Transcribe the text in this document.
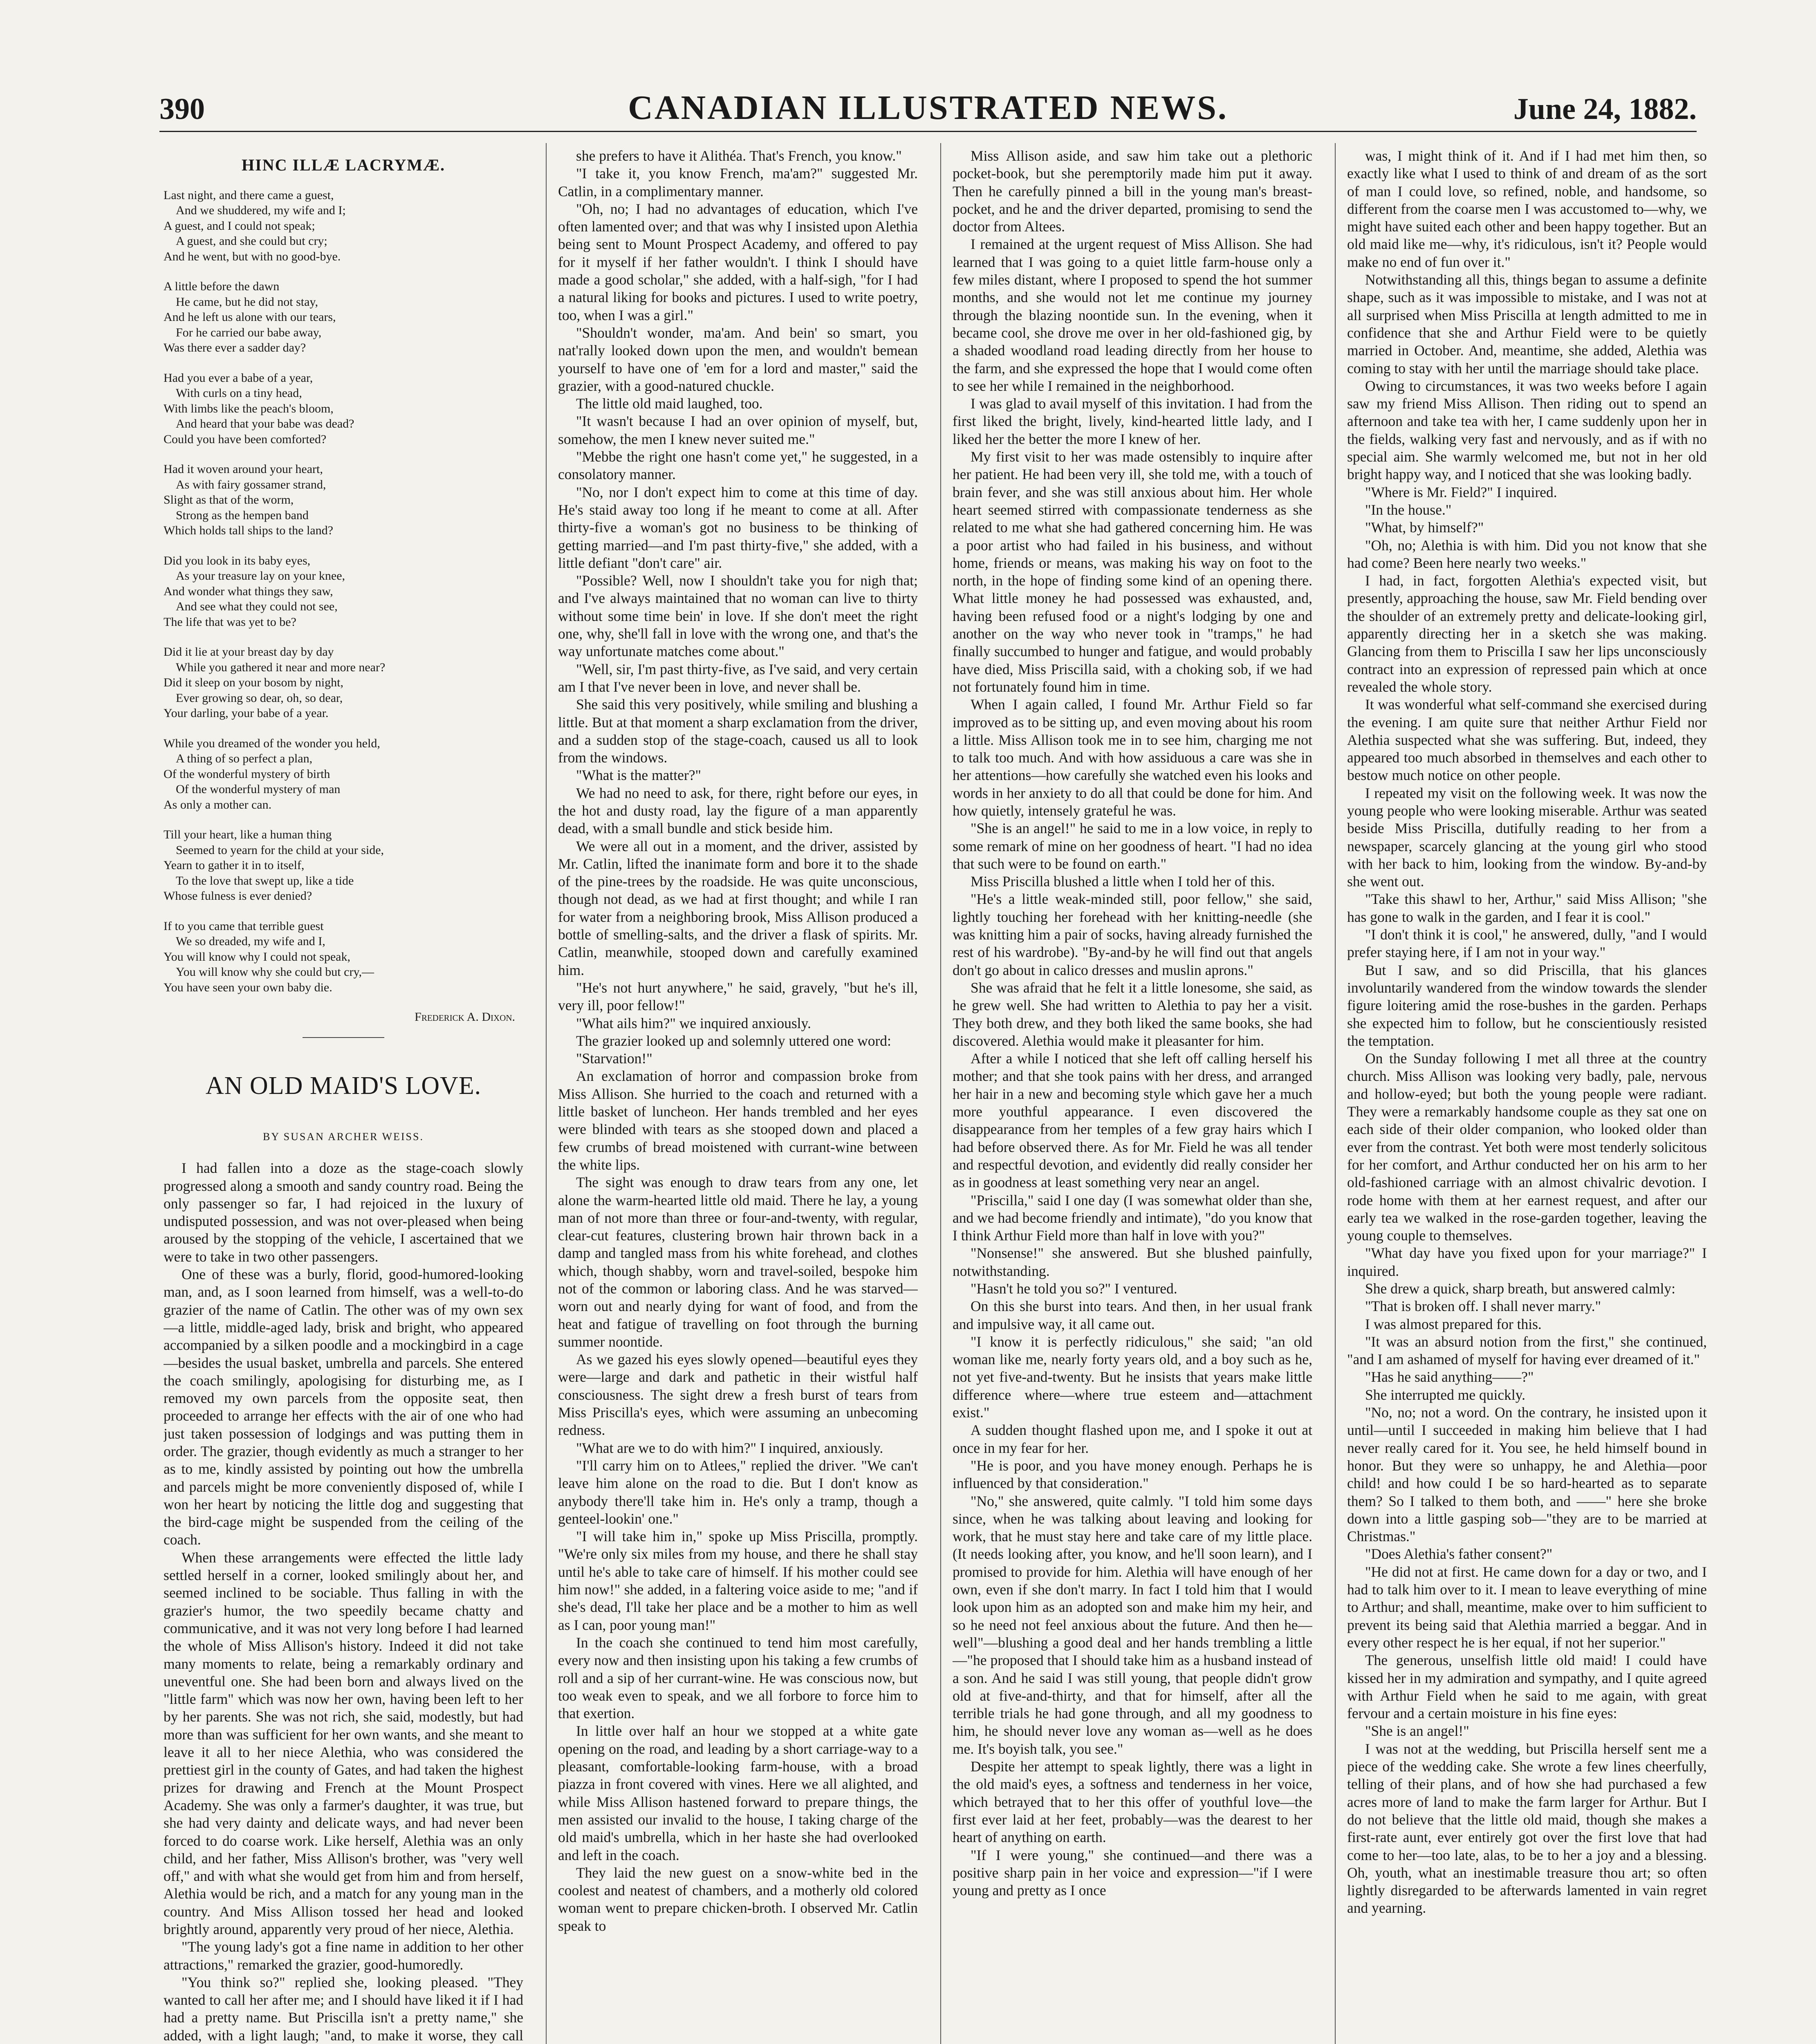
390	CANADIAN ILLUSTRATED NEWS.	June 24, 1882.
HINC ILLÆ LACRYMÆ.
Last night, and there came a guest,
And we shuddered, my wife and I;
A guest, and I could not speak;
A guest, and she could but cry;
And he went, but with no good-bye.
A little before the dawn
He came, but he did not stay,
And he left us alone with our tears,
For he carried our babe away,
Was there ever a sadder day?
Had you ever a babe of a year,
With curls on a tiny head,
With limbs like the peach's bloom,
And heard that your babe was dead?
Could you have been comforted?
Had it woven around your heart,
As with fairy gossamer strand,
Slight as that of the worm,
Strong as the hempen band
Which holds tall ships to the land?
Did you look in its baby eyes,
As your treasure lay on your knee,
And wonder what things they saw,
And see what they could not see,
The life that was yet to be?
Did it lie at your breast day by day
While you gathered it near and more near?
Did it sleep on your bosom by night,
Ever growing so dear, oh, so dear,
Your darling, your babe of a year.
While you dreamed of the wonder you held,
A thing of so perfect a plan,
Of the wonderful mystery of birth
Of the wonderful mystery of man
As only a mother can.
Till your heart, like a human thing
Seemed to yearn for the child at your side,
Yearn to gather it in to itself,
To the love that swept up, like a tide
Whose fulness is ever denied?
If to you came that terrible guest
We so dreaded, my wife and I,
You will know why I could not speak,
You will know why she could but cry,—
You have seen your own baby die.
Frederick A. Dixon.
AN OLD MAID'S LOVE.
BY SUSAN ARCHER WEISS.

I had fallen into a doze as the stage-coach slowly progressed along a smooth and sandy country road. Being the only passenger so far, I had rejoiced in the luxury of undisputed possession, and was not over-pleased when being aroused by the stopping of the vehicle, I ascertained that we were to take in two other passengers.

One of these was a burly, florid, good-humored-looking man, and, as I soon learned from himself, was a well-to-do grazier of the name of Catlin. The other was of my own sex—a little, middle-aged lady, brisk and bright, who appeared accompanied by a silken poodle and a mockingbird in a cage—besides the usual basket, umbrella and parcels. She entered the coach smilingly, apologising for disturbing me, as I removed my own parcels from the opposite seat, then proceeded to arrange her effects with the air of one who had just taken possession of lodgings and was putting them in order. The grazier, though evidently as much a stranger to her as to me, kindly assisted by pointing out how the umbrella and parcels might be more conveniently disposed of, while I won her heart by noticing the little dog and suggesting that the bird-cage might be suspended from the ceiling of the coach.

When these arrangements were effected the little lady settled herself in a corner, looked smilingly about her, and seemed inclined to be sociable. Thus falling in with the grazier's humor, the two speedily became chatty and communicative, and it was not very long before I had learned the whole of Miss Allison's history. Indeed it did not take many moments to relate, being a remarkably ordinary and uneventful one. She had been born and always lived on the "little farm" which was now her own, having been left to her by her parents. She was not rich, she said, modestly, but had more than was sufficient for her own wants, and she meant to leave it all to her niece Alethia, who was considered the prettiest girl in the county of Gates, and had taken the highest prizes for drawing and French at the Mount Prospect Academy. She was only a farmer's daughter, it was true, but she had very dainty and delicate ways, and had never been forced to do coarse work. Like herself, Alethia was an only child, and her father, Miss Allison's brother, was "very well off," and with what she would get from him and from herself, Alethia would be rich, and a match for any young man in the country. And Miss Allison tossed her head and looked brightly around, apparently very proud of her niece, Alethia.

"The young lady's got a fine name in addition to her other attractions," remarked the grazier, good-humoredly.

"You think so?" replied she, looking pleased. "They wanted to call her after me; and I should have liked it if I had had a pretty name. But Priscilla isn't a pretty name," she added, with a light laugh; "and, to make it worse, they call

she prefers to have it Alithéa. That's French, you know."

"I take it, you know French, ma'am?" suggested Mr. Catlin, in a complimentary manner.

"Oh, no; I had no advantages of education, which I've often lamented over; and that was why I insisted upon Alethia being sent to Mount Prospect Academy, and offered to pay for it myself if her father wouldn't. I think I should have made a good scholar," she added, with a half-sigh, "for I had a natural liking for books and pictures. I used to write poetry, too, when I was a girl."

"Shouldn't wonder, ma'am. And bein' so smart, you nat'rally looked down upon the men, and wouldn't bemean yourself to have one of 'em for a lord and master," said the grazier, with a good-natured chuckle.

The little old maid laughed, too.

"It wasn't because I had an over opinion of myself, but, somehow, the men I knew never suited me."

"Mebbe the right one hasn't come yet," he suggested, in a consolatory manner.

"No, nor I don't expect him to come at this time of day. He's staid away too long if he meant to come at all. After thirty-five a woman's got no business to be thinking of getting married—and I'm past thirty-five," she added, with a little defiant "don't care" air.

"Possible? Well, now I shouldn't take you for nigh that; and I've always maintained that no woman can live to thirty without some time bein' in love. If she don't meet the right one, why, she'll fall in love with the wrong one, and that's the way unfortunate matches come about."

"Well, sir, I'm past thirty-five, as I've said, and very certain am I that I've never been in love, and never shall be.

She said this very positively, while smiling and blushing a little. But at that moment a sharp exclamation from the driver, and a sudden stop of the stage-coach, caused us all to look from the windows.

"What is the matter?"

We had no need to ask, for there, right before our eyes, in the hot and dusty road, lay the figure of a man apparently dead, with a small bundle and stick beside him.

We were all out in a moment, and the driver, assisted by Mr. Catlin, lifted the inanimate form and bore it to the shade of the pine-trees by the roadside. He was quite unconscious, though not dead, as we had at first thought; and while I ran for water from a neighboring brook, Miss Allison produced a bottle of smelling-salts, and the driver a flask of spirits. Mr. Catlin, meanwhile, stooped down and carefully examined him.

"He's not hurt anywhere," he said, gravely, "but he's ill, very ill, poor fellow!"

"What ails him?" we inquired anxiously.

The grazier looked up and solemnly uttered one word:

"Starvation!"

An exclamation of horror and compassion broke from Miss Allison. She hurried to the coach and returned with a little basket of luncheon. Her hands trembled and her eyes were blinded with tears as she stooped down and placed a few crumbs of bread moistened with currant-wine between the white lips.

The sight was enough to draw tears from any one, let alone the warm-hearted little old maid. There he lay, a young man of not more than three or four-and-twenty, with regular, clear-cut features, clustering brown hair thrown back in a damp and tangled mass from his white forehead, and clothes which, though shabby, worn and travel-soiled, bespoke him not of the common or laboring class. And he was starved—worn out and nearly dying for want of food, and from the heat and fatigue of travelling on foot through the burning summer noontide.

As we gazed his eyes slowly opened—beautiful eyes they were—large and dark and pathetic in their wistful half consciousness. The sight drew a fresh burst of tears from Miss Priscilla's eyes, which were assuming an unbecoming redness.

"What are we to do with him?" I inquired, anxiously.

"I'll carry him on to Atlees," replied the driver. "We can't leave him alone on the road to die. But I don't know as anybody there'll take him in. He's only a tramp, though a genteel-lookin' one."

"I will take him in," spoke up Miss Priscilla, promptly. "We're only six miles from my house, and there he shall stay until he's able to take care of himself. If his mother could see him now!" she added, in a faltering voice aside to me; "and if she's dead, I'll take her place and be a mother to him as well as I can, poor young man!"

In the coach she continued to tend him most carefully, every now and then insisting upon his taking a few crumbs of roll and a sip of her currant-wine. He was conscious now, but too weak even to speak, and we all forbore to force him to that exertion.

In little over half an hour we stopped at a white gate opening on the road, and leading by a short carriage-way to a pleasant, comfortable-looking farm-house, with a broad piazza in front covered with vines. Here we all alighted, and while Miss Allison hastened forward to prepare things, the men assisted our invalid to the house, I taking charge of the old maid's umbrella, which in her haste she had overlooked and left in the coach.

They laid the new guest on a snow-white bed in the coolest and neatest of chambers, and a motherly old colored woman went to prepare chicken-broth. I observed Mr. Catlin speak to

Miss Allison aside, and saw him take out a plethoric pocket-book, but she peremptorily made him put it away. Then he carefully pinned a bill in the young man's breast-pocket, and he and the driver departed, promising to send the doctor from Altees.

I remained at the urgent request of Miss Allison. She had learned that I was going to a quiet little farm-house only a few miles distant, where I proposed to spend the hot summer months, and she would not let me continue my journey through the blazing noontide sun. In the evening, when it became cool, she drove me over in her old-fashioned gig, by a shaded woodland road leading directly from her house to the farm, and she expressed the hope that I would come often to see her while I remained in the neighborhood.

I was glad to avail myself of this invitation. I had from the first liked the bright, lively, kind-hearted little lady, and I liked her the better the more I knew of her.

My first visit to her was made ostensibly to inquire after her patient. He had been very ill, she told me, with a touch of brain fever, and she was still anxious about him. Her whole heart seemed stirred with compassionate tenderness as she related to me what she had gathered concerning him. He was a poor artist who had failed in his business, and without home, friends or means, was making his way on foot to the north, in the hope of finding some kind of an opening there. What little money he had possessed was exhausted, and, having been refused food or a night's lodging by one and another on the way who never took in "tramps," he had finally succumbed to hunger and fatigue, and would probably have died, Miss Priscilla said, with a choking sob, if we had not fortunately found him in time.

When I again called, I found Mr. Arthur Field so far improved as to be sitting up, and even moving about his room a little. Miss Allison took me in to see him, charging me not to talk too much. And with how assiduous a care was she in her attentions—how carefully she watched even his looks and words in her anxiety to do all that could be done for him. And how quietly, intensely grateful he was.

"She is an angel!" he said to me in a low voice, in reply to some remark of mine on her goodness of heart. "I had no idea that such were to be found on earth."

Miss Priscilla blushed a little when I told her of this.

"He's a little weak-minded still, poor fellow," she said, lightly touching her forehead with her knitting-needle (she was knitting him a pair of socks, having already furnished the rest of his wardrobe). "By-and-by he will find out that angels don't go about in calico dresses and muslin aprons."

She was afraid that he felt it a little lonesome, she said, as he grew well. She had written to Alethia to pay her a visit. They both drew, and they both liked the same books, she had discovered. Alethia would make it pleasanter for him.

After a while I noticed that she left off calling herself his mother; and that she took pains with her dress, and arranged her hair in a new and becoming style which gave her a much more youthful appearance. I even discovered the disappearance from her temples of a few gray hairs which I had before observed there. As for Mr. Field he was all tender and respectful devotion, and evidently did really consider her as in goodness at least something very near an angel.

"Priscilla," said I one day (I was somewhat older than she, and we had become friendly and intimate), "do you know that I think Arthur Field more than half in love with you?"

"Nonsense!" she answered. But she blushed painfully, notwithstanding.

"Hasn't he told you so?" I ventured.

On this she burst into tears. And then, in her usual frank and impulsive way, it all came out.

"I know it is perfectly ridiculous," she said; "an old woman like me, nearly forty years old, and a boy such as he, not yet five-and-twenty. But he insists that years make little difference where—where true esteem and—attachment exist."

A sudden thought flashed upon me, and I spoke it out at once in my fear for her.

"He is poor, and you have money enough. Perhaps he is influenced by that consideration."

"No," she answered, quite calmly. "I told him some days since, when he was talking about leaving and looking for work, that he must stay here and take care of my little place. (It needs looking after, you know, and he'll soon learn), and I promised to provide for him. Alethia will have enough of her own, even if she don't marry. In fact I told him that I would look upon him as an adopted son and make him my heir, and so he need not feel anxious about the future. And then he—well"—blushing a good deal and her hands trembling a little—"he proposed that I should take him as a husband instead of a son. And he said I was still young, that people didn't grow old at five-and-thirty, and that for himself, after all the terrible trials he had gone through, and all my goodness to him, he should never love any woman as—well as he does me. It's boyish talk, you see."

Despite her attempt to speak lightly, there was a light in the old maid's eyes, a softness and tenderness in her voice, which betrayed that to her this offer of youthful love—the first ever laid at her feet, probably—was the dearest to her heart of anything on earth.

"If I were young," she continued—and there was a positive sharp pain in her voice and expression—"if I were young and pretty as I once

was, I might think of it. And if I had met him then, so exactly like what I used to think of and dream of as the sort of man I could love, so refined, noble, and handsome, so different from the coarse men I was accustomed to—why, we might have suited each other and been happy together. But an old maid like me—why, it's ridiculous, isn't it? People would make no end of fun over it."

Notwithstanding all this, things began to assume a definite shape, such as it was impossible to mistake, and I was not at all surprised when Miss Priscilla at length admitted to me in confidence that she and Arthur Field were to be quietly married in October. And, meantime, she added, Alethia was coming to stay with her until the marriage should take place.

Owing to circumstances, it was two weeks before I again saw my friend Miss Allison. Then riding out to spend an afternoon and take tea with her, I came suddenly upon her in the fields, walking very fast and nervously, and as if with no special aim. She warmly welcomed me, but not in her old bright happy way, and I noticed that she was looking badly.

"Where is Mr. Field?" I inquired.

"In the house."

"What, by himself?"

"Oh, no; Alethia is with him. Did you not know that she had come? Been here nearly two weeks."

I had, in fact, forgotten Alethia's expected visit, but presently, approaching the house, saw Mr. Field bending over the shoulder of an extremely pretty and delicate-looking girl, apparently directing her in a sketch she was making. Glancing from them to Priscilla I saw her lips unconsciously contract into an expression of repressed pain which at once revealed the whole story.

It was wonderful what self-command she exercised during the evening. I am quite sure that neither Arthur Field nor Alethia suspected what she was suffering. But, indeed, they appeared too much absorbed in themselves and each other to bestow much notice on other people.

I repeated my visit on the following week. It was now the young people who were looking miserable. Arthur was seated beside Miss Priscilla, dutifully reading to her from a newspaper, scarcely glancing at the young girl who stood with her back to him, looking from the window. By-and-by she went out.

"Take this shawl to her, Arthur," said Miss Allison; "she has gone to walk in the garden, and I fear it is cool."

"I don't think it is cool," he answered, dully, "and I would prefer staying here, if I am not in your way."

But I saw, and so did Priscilla, that his glances involuntarily wandered from the window towards the slender figure loitering amid the rose-bushes in the garden. Perhaps she expected him to follow, but he conscientiously resisted the temptation.

On the Sunday following I met all three at the country church. Miss Allison was looking very badly, pale, nervous and hollow-eyed; but both the young people were radiant. They were a remarkably handsome couple as they sat one on each side of their older companion, who looked older than ever from the contrast. Yet both were most tenderly solicitous for her comfort, and Arthur conducted her on his arm to her old-fashioned carriage with an almost chivalric devotion. I rode home with them at her earnest request, and after our early tea we walked in the rose-garden together, leaving the young couple to themselves.

"What day have you fixed upon for your marriage?" I inquired.

She drew a quick, sharp breath, but answered calmly:

"That is broken off. I shall never marry."

I was almost prepared for this.

"It was an absurd notion from the first," she continued, "and I am ashamed of myself for having ever dreamed of it."

"Has he said anything——?"

She interrupted me quickly.

"No, no; not a word. On the contrary, he insisted upon it until—until I succeeded in making him believe that I had never really cared for it. You see, he held himself bound in honor. But they were so unhappy, he and Alethia—poor child! and how could I be so hard-hearted as to separate them? So I talked to them both, and ——" here she broke down into a little gasping sob—"they are to be married at Christmas."

"Does Alethia's father consent?"

"He did not at first. He came down for a day or two, and I had to talk him over to it. I mean to leave everything of mine to Arthur; and shall, meantime, make over to him sufficient to prevent its being said that Alethia married a beggar. And in every other respect he is her equal, if not her superior."

The generous, unselfish little old maid! I could have kissed her in my admiration and sympathy, and I quite agreed with Arthur Field when he said to me again, with great fervour and a certain moisture in his fine eyes:

"She is an angel!"

I was not at the wedding, but Priscilla herself sent me a piece of the wedding cake. She wrote a few lines cheerfully, telling of their plans, and of how she had purchased a few acres more of land to make the farm larger for Arthur. But I do not believe that the little old maid, though she makes a first-rate aunt, ever entirely got over the first love that had come to her—too late, alas, to be to her a joy and a blessing. Oh, youth, what an inestimable treasure thou art; so often lightly disregarded to be afterwards lamented in vain regret and yearning.
